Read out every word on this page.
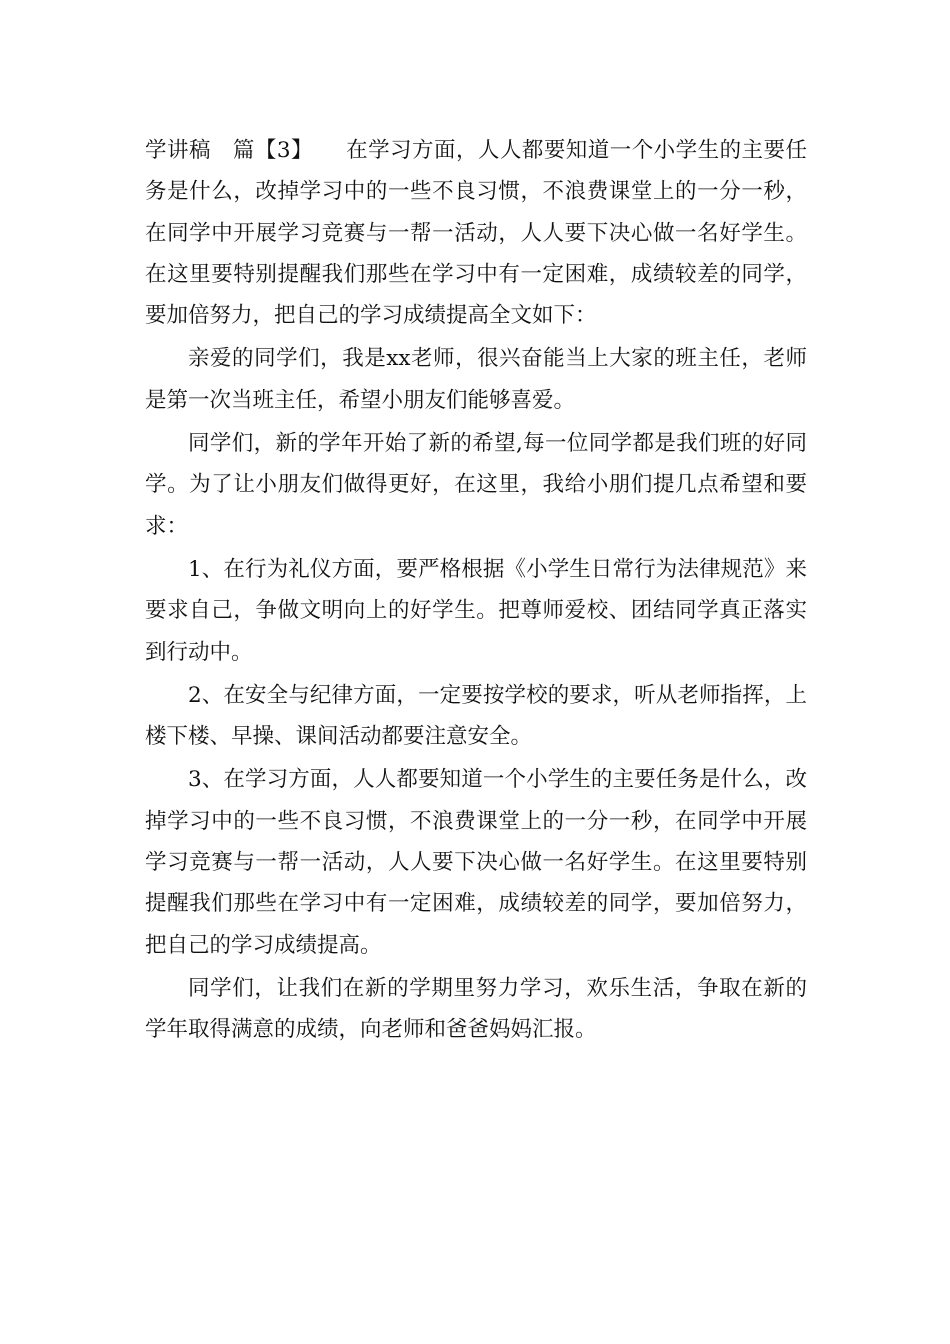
学讲稿　篇【3】　　在学习方面，人人都要知道一个小学生的主要任务是什么，改掉学习中的一些不良习惯，不浪费课堂上的一分一秒，在同学中开展学习竞赛与一帮一活动，人人要下决心做一名好学生。在这里要特别提醒我们那些在学习中有一定困难，成绩较差的同学，要加倍努力，把自己的学习成绩提高全文如下：

亲爱的同学们，我是xx老师，很兴奋能当上大家的班主任，老师是第一次当班主任，希望小朋友们能够喜爱。

同学们，新的学年开始了新的希望,每一位同学都是我们班的好同学。为了让小朋友们做得更好，在这里，我给小朋们提几点希望和要求：

1、在行为礼仪方面，要严格根据《小学生日常行为法律规范》来要求自己，争做文明向上的好学生。把尊师爱校、团结同学真正落实到行动中。

2、在安全与纪律方面，一定要按学校的要求，听从老师指挥，上楼下楼、早操、课间活动都要注意安全。

3、在学习方面，人人都要知道一个小学生的主要任务是什么，改掉学习中的一些不良习惯，不浪费课堂上的一分一秒，在同学中开展学习竞赛与一帮一活动，人人要下决心做一名好学生。在这里要特别提醒我们那些在学习中有一定困难，成绩较差的同学，要加倍努力，把自己的学习成绩提高。

同学们，让我们在新的学期里努力学习，欢乐生活，争取在新的学年取得满意的成绩，向老师和爸爸妈妈汇报。
